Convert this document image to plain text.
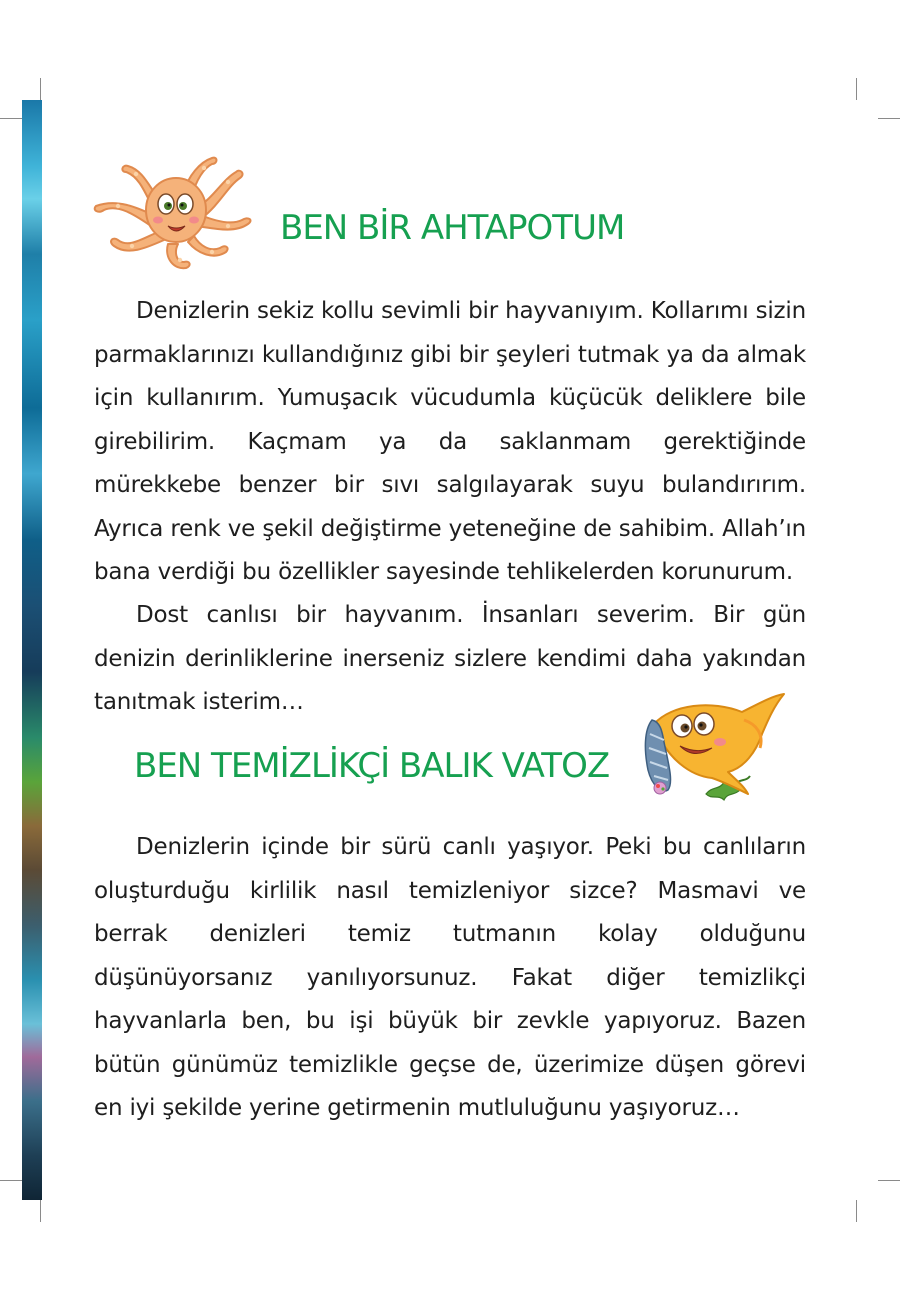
BEN BİR AHTAPOTUM

Denizlerin sekiz kollu sevimli bir hayvanıyım. Kollarımı sizin parmaklarınızı kullandığınız gibi bir şeyleri tutmak ya da almak için kullanırım. Yumuşacık vücudumla küçücük deliklere bile girebilirim. Kaçmam ya da saklanmam gerektiğinde mürekkebe benzer bir sıvı salgılayarak suyu bulandırırım. Ayrıca renk ve şekil değiştirme yeteneğine de sahibim. Allah’ın bana verdiği bu özellikler sayesinde tehlikelerden korunurum.

Dost canlısı bir hayvanım. İnsanları severim. Bir gün denizin derinliklerine inerseniz sizlere kendimi daha yakından tanıtmak isterim…

BEN TEMİZLİKÇİ BALIK VATOZ

Denizlerin içinde bir sürü canlı yaşıyor. Peki bu canlıların oluşturduğu kirlilik nasıl temizleniyor sizce? Masmavi ve berrak denizleri temiz tutmanın kolay olduğunu düşünüyorsanız yanılıyorsunuz. Fakat diğer temizlikçi hayvanlarla ben, bu işi büyük bir zevkle yapıyoruz. Bazen bütün günümüz temizlikle geçse de, üzerimize düşen görevi en iyi şekilde yerine getirmenin mutluluğunu yaşıyoruz…
